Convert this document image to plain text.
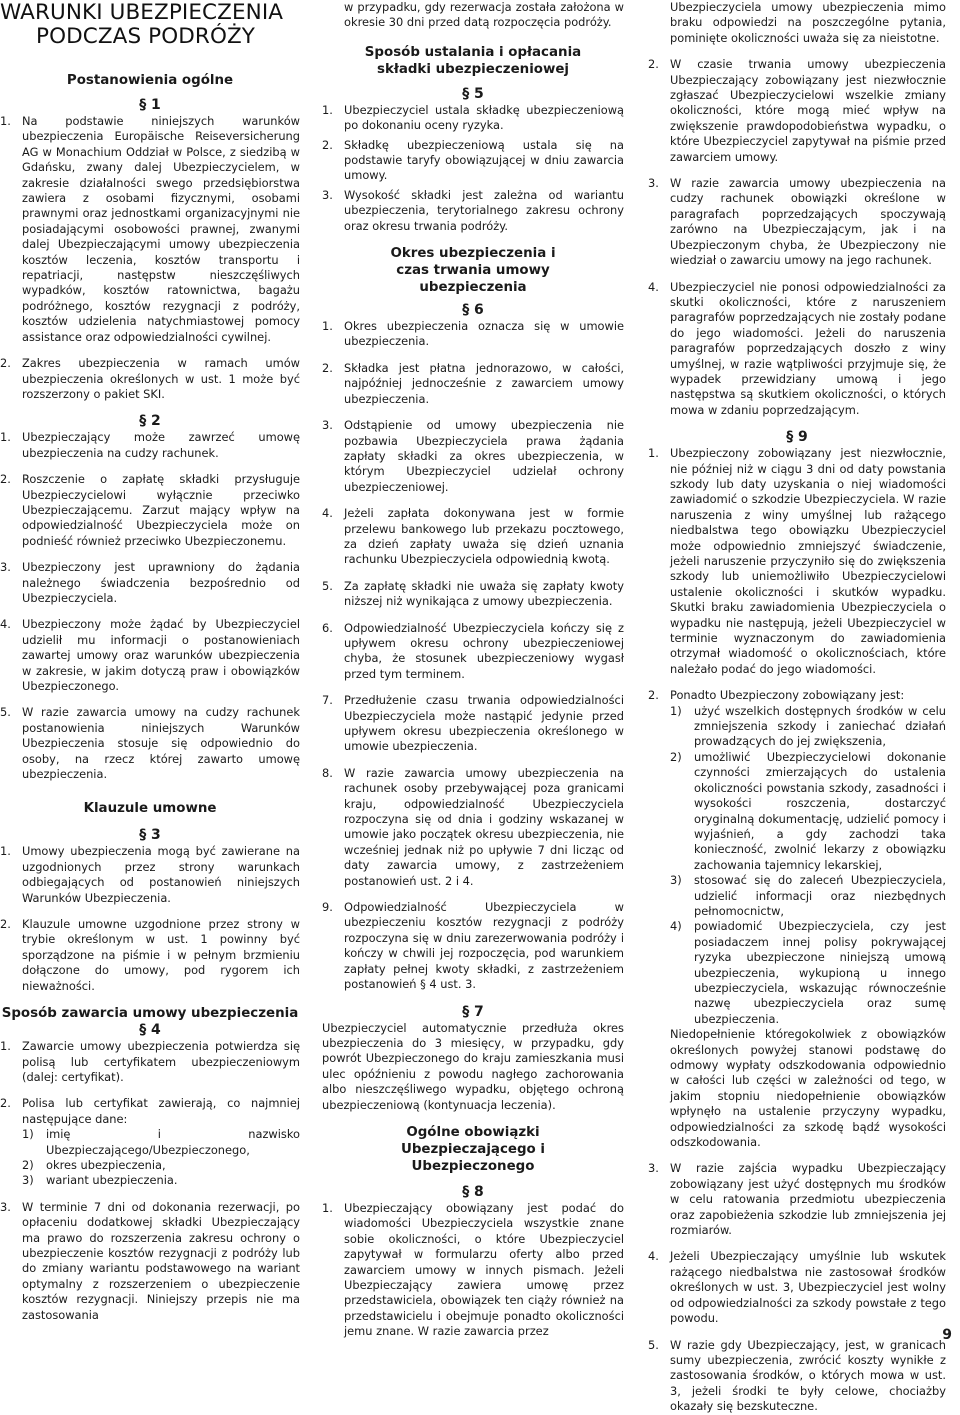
WARUNKI UBEZPIECZENIA
PODCZAS PODRÓŻY
Postanowienia ogólne
§ 1
1. Na podstawie niniejszych warunków ubezpieczenia Europäische Reiseversicherung AG w Monachium Oddział w Polsce, z siedzibą w Gdańsku, zwany dalej Ubezpieczycielem, w zakresie działalności swego przedsiębiorstwa zawiera z osobami fizycznymi, osobami prawnymi oraz jednostkami organizacyjnymi nie posiadającymi osobowości prawnej, zwanymi dalej Ubezpieczającymi umowy ubezpieczenia kosztów leczenia, kosztów transportu i repatriacji, następstw nieszczęśliwych wypadków, kosztów ratownictwa, bagażu podróżnego, kosztów rezygnacji z podróży, kosztów udzielenia natychmiastowej pomocy assistance oraz odpowiedzialności cywilnej.
2. Zakres ubezpieczenia w ramach umów ubezpieczenia określonych w ust. 1 może być rozszerzony o pakiet SKI.
§ 2
1. Ubezpieczający może zawrzeć umowę ubezpieczenia na cudzy rachunek.
2. Roszczenie o zapłatę składki przysługuje Ubezpieczycielowi wyłącznie przeciwko Ubezpieczającemu. Zarzut mający wpływ na odpowiedzialność Ubezpieczyciela może on podnieść również przeciwko Ubezpieczonemu.
3. Ubezpieczony jest uprawniony do żądania należnego świadczenia bezpośrednio od Ubezpieczyciela.
4. Ubezpieczony może żądać by Ubezpieczyciel udzielił mu informacji o postanowieniach zawartej umowy oraz warunków ubezpieczenia w zakresie, w jakim dotyczą praw i obowiązków Ubezpieczonego.
5. W razie zawarcia umowy na cudzy rachunek postanowienia niniejszych Warunków Ubezpieczenia stosuje się odpowiednio do osoby, na rzecz której zawarto umowę ubezpieczenia.
Klauzule umowne
§ 3
1. Umowy ubezpieczenia mogą być zawierane na uzgodnionych przez strony warunkach odbiegających od postanowień niniejszych Warunków Ubezpieczenia.
2. Klauzule umowne uzgodnione przez strony w trybie określonym w ust. 1 powinny być sporządzone na piśmie i w pełnym brzmieniu dołączone do umowy, pod rygorem ich nieważności.
Sposób zawarcia umowy ubezpieczenia
§ 4
1. Zawarcie umowy ubezpieczenia potwierdza się polisą lub certyfikatem ubezpieczeniowym (dalej: certyfikat).
2. Polisa lub certyfikat zawierają, co najmniej następujące dane:
1) imię i nazwisko Ubezpieczającego/Ubezpieczonego,
2) okres ubezpieczenia,
3) wariant ubezpieczenia.
3. W terminie 7 dni od dokonania rezerwacji, po opłaceniu dodatkowej składki Ubezpieczający ma prawo do rozszerzenia zakresu ochrony o ubezpieczenie kosztów rezygnacji z podróży lub do zmiany wariantu podstawowego na wariant optymalny z rozszerzeniem o ubezpieczenie kosztów rezygnacji. Niniejszy przepis nie ma zastosowania
w przypadku, gdy rezerwacja została założona w okresie 30 dni przed datą rozpoczęcia podróży.
Sposób ustalania i opłacania składki ubezpieczeniowej
§ 5
1. Ubezpieczyciel ustala składkę ubezpieczeniową po dokonaniu oceny ryzyka.
2. Składkę ubezpieczeniową ustala się na podstawie taryfy obowiązującej w dniu zawarcia umowy.
3. Wysokość składki jest zależna od wariantu ubezpieczenia, terytorialnego zakresu ochrony oraz okresu trwania podróży.
Okres ubezpieczenia i czas trwania umowy ubezpieczenia
§ 6
1. Okres ubezpieczenia oznacza się w umowie ubezpieczenia.
2. Składka jest płatna jednorazowo, w całości, najpóźniej jednocześnie z zawarciem umowy ubezpieczenia.
3. Odstąpienie od umowy ubezpieczenia nie pozbawia Ubezpieczyciela prawa żądania zapłaty składki za okres ubezpieczenia, w którym Ubezpieczyciel udzielał ochrony ubezpieczeniowej.
4. Jeżeli zapłata dokonywana jest w formie przelewu bankowego lub przekazu pocztowego, za dzień zapłaty uważa się dzień uznania rachunku Ubezpieczyciela odpowiednią kwotą.
5. Za zapłatę składki nie uważa się zapłaty kwoty niższej niż wynikająca z umowy ubezpieczenia.
6. Odpowiedzialność Ubezpieczyciela kończy się z upływem okresu ochrony ubezpieczeniowej chyba, że stosunek ubezpieczeniowy wygasł przed tym terminem.
7. Przedłużenie czasu trwania odpowiedzialności Ubezpieczyciela może nastąpić jedynie przed upływem okresu ubezpieczenia określonego w umowie ubezpieczenia.
8. W razie zawarcia umowy ubezpieczenia na rachunek osoby przebywającej poza granicami kraju, odpowiedzialność Ubezpieczyciela rozpoczyna się od dnia i godziny wskazanej w umowie jako początek okresu ubezpieczenia, nie wcześniej jednak niż po upływie 7 dni licząc od daty zawarcia umowy, z zastrzeżeniem postanowień ust. 2 i 4.
9. Odpowiedzialność Ubezpieczyciela w ubezpieczeniu kosztów rezygnacji z podróży rozpoczyna się w dniu zarezerwowania podróży i kończy w chwili jej rozpoczęcia, pod warunkiem zapłaty pełnej kwoty składki, z zastrzeżeniem postanowień § 4 ust. 3.
§ 7
Ubezpieczyciel automatycznie przedłuża okres ubezpieczenia do 3 miesięcy, w przypadku, gdy powrót Ubezpieczonego do kraju zamieszkania musi ulec opóźnieniu z powodu nagłego zachorowania albo nieszczęśliwego wypadku, objętego ochroną ubezpieczeniową (kontynuacja leczenia).
Ogólne obowiązki Ubezpieczającego i Ubezpieczonego
§ 8
1. Ubezpieczający obowiązany jest podać do wiadomości Ubezpieczyciela wszystkie znane sobie okoliczności, o które Ubezpieczyciel zapytywał w formularzu oferty albo przed zawarciem umowy w innych pismach. Jeżeli Ubezpieczający zawiera umowę przez przedstawiciela, obowiązek ten ciąży również na przedstawicielu i obejmuje ponadto okoliczności jemu znane. W razie zawarcia przez
Ubezpieczyciela umowy ubezpieczenia mimo braku odpowiedzi na poszczególne pytania, pominięte okoliczności uważa się za nieistotne.
2. W czasie trwania umowy ubezpieczenia Ubezpieczający zobowiązany jest niezwłocznie zgłaszać Ubezpieczycielowi wszelkie zmiany okoliczności, które mogą mieć wpływ na zwiększenie prawdopodobieństwa wypadku, o które Ubezpieczyciel zapytywał na piśmie przed zawarciem umowy.
3. W razie zawarcia umowy ubezpieczenia na cudzy rachunek obowiązki określone w paragrafach poprzedzających spoczywają zarówno na Ubezpieczającym, jak i na Ubezpieczonym chyba, że Ubezpieczony nie wiedział o zawarciu umowy na jego rachunek.
4. Ubezpieczyciel nie ponosi odpowiedzialności za skutki okoliczności, które z naruszeniem paragrafów poprzedzających nie zostały podane do jego wiadomości. Jeżeli do naruszenia paragrafów poprzedzających doszło z winy umyślnej, w razie wątpliwości przyjmuje się, że wypadek przewidziany umową i jego następstwa są skutkiem okoliczności, o których mowa w zdaniu poprzedzającym.
§ 9
1. Ubezpieczony zobowiązany jest niezwłocznie, nie później niż w ciągu 3 dni od daty powstania szkody lub daty uzyskania o niej wiadomości zawiadomić o szkodzie Ubezpieczyciela. W razie naruszenia z winy umyślnej lub rażącego niedbalstwa tego obowiązku Ubezpieczyciel może odpowiednio zmniejszyć świadczenie, jeżeli naruszenie przyczyniło się do zwiększenia szkody lub uniemożliwiło Ubezpieczycielowi ustalenie okoliczności i skutków wypadku. Skutki braku zawiadomienia Ubezpieczyciela o wypadku nie następują, jeżeli Ubezpieczyciel w terminie wyznaczonym do zawiadomienia otrzymał wiadomość o okolicznościach, które należało podać do jego wiadomości.
2. Ponadto Ubezpieczony zobowiązany jest:
1) użyć wszelkich dostępnych środków w celu zmniejszenia szkody i zaniechać działań prowadzących do jej zwiększenia,
2) umożliwić Ubezpieczycielowi dokonanie czynności zmierzających do ustalenia okoliczności powstania szkody, zasadności i wysokości roszczenia, dostarczyć oryginalną dokumentację, udzielić pomocy i wyjaśnień, a gdy zachodzi taka konieczność, zwolnić lekarzy z obowiązku zachowania tajemnicy lekarskiej,
3) stosować się do zaleceń Ubezpieczyciela, udzielić informacji oraz niezbędnych pełnomocnictw,
4) powiadomić Ubezpieczyciela, czy jest posiadaczem innej polisy pokrywającej ryzyka ubezpieczone niniejszą umową ubezpieczenia, wykupioną u innego ubezpieczyciela, wskazując równocześnie nazwę ubezpieczyciela oraz sumę ubezpieczenia.
Niedopełnienie któregokolwiek z obowiązków określonych powyżej stanowi podstawę do odmowy wypłaty odszkodowania odpowiednio w całości lub części w zależności od tego, w jakim stopniu niedopełnienie obowiązków wpłynęło na ustalenie przyczyny wypadku, odpowiedzialności za szkodę bądź wysokości odszkodowania.
3. W razie zajścia wypadku Ubezpieczający zobowiązany jest użyć dostępnych mu środków w celu ratowania przedmiotu ubezpieczenia oraz zapobieżenia szkodzie lub zmniejszenia jej rozmiarów.
4. Jeżeli Ubezpieczający umyślnie lub wskutek rażącego niedbalstwa nie zastosował środków określonych w ust. 3, Ubezpieczyciel jest wolny od odpowiedzialności za szkody powstałe z tego powodu.
5. W razie gdy Ubezpieczający, jest, w granicach sumy ubezpieczenia, zwrócić koszty wynikłe z zastosowania środków, o których mowa w ust. 3, jeżeli środki te były celowe, chociażby okazały się bezskuteczne.
9
